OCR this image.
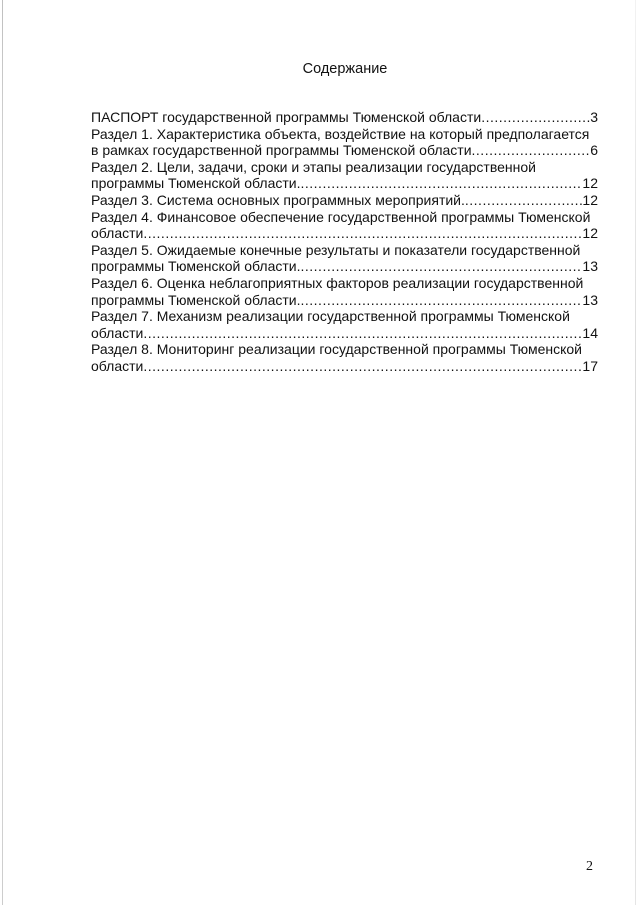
Содержание
ПАСПОРТ государственной программы Тюменской области .....	3
Раздел 1. Характеристика объекта, воздействие на который предполагается
в рамках государственной программы Тюменской области .....	6
Раздел 2. Цели, задачи, сроки и этапы реализации государственной
программы Тюменской области. .....	12
Раздел 3. Система основных программных мероприятий. .....	12
Раздел 4. Финансовое обеспечение государственной программы Тюменской
области .....	12
Раздел 5. Ожидаемые конечные результаты и показатели государственной
программы Тюменской области. .....	13
Раздел 6. Оценка неблагоприятных факторов реализации государственной
программы Тюменской области. .....	13
Раздел 7. Механизм реализации государственной программы Тюменской
области .....	14
Раздел 8. Мониторинг реализации государственной программы Тюменской
области .....	17
2
